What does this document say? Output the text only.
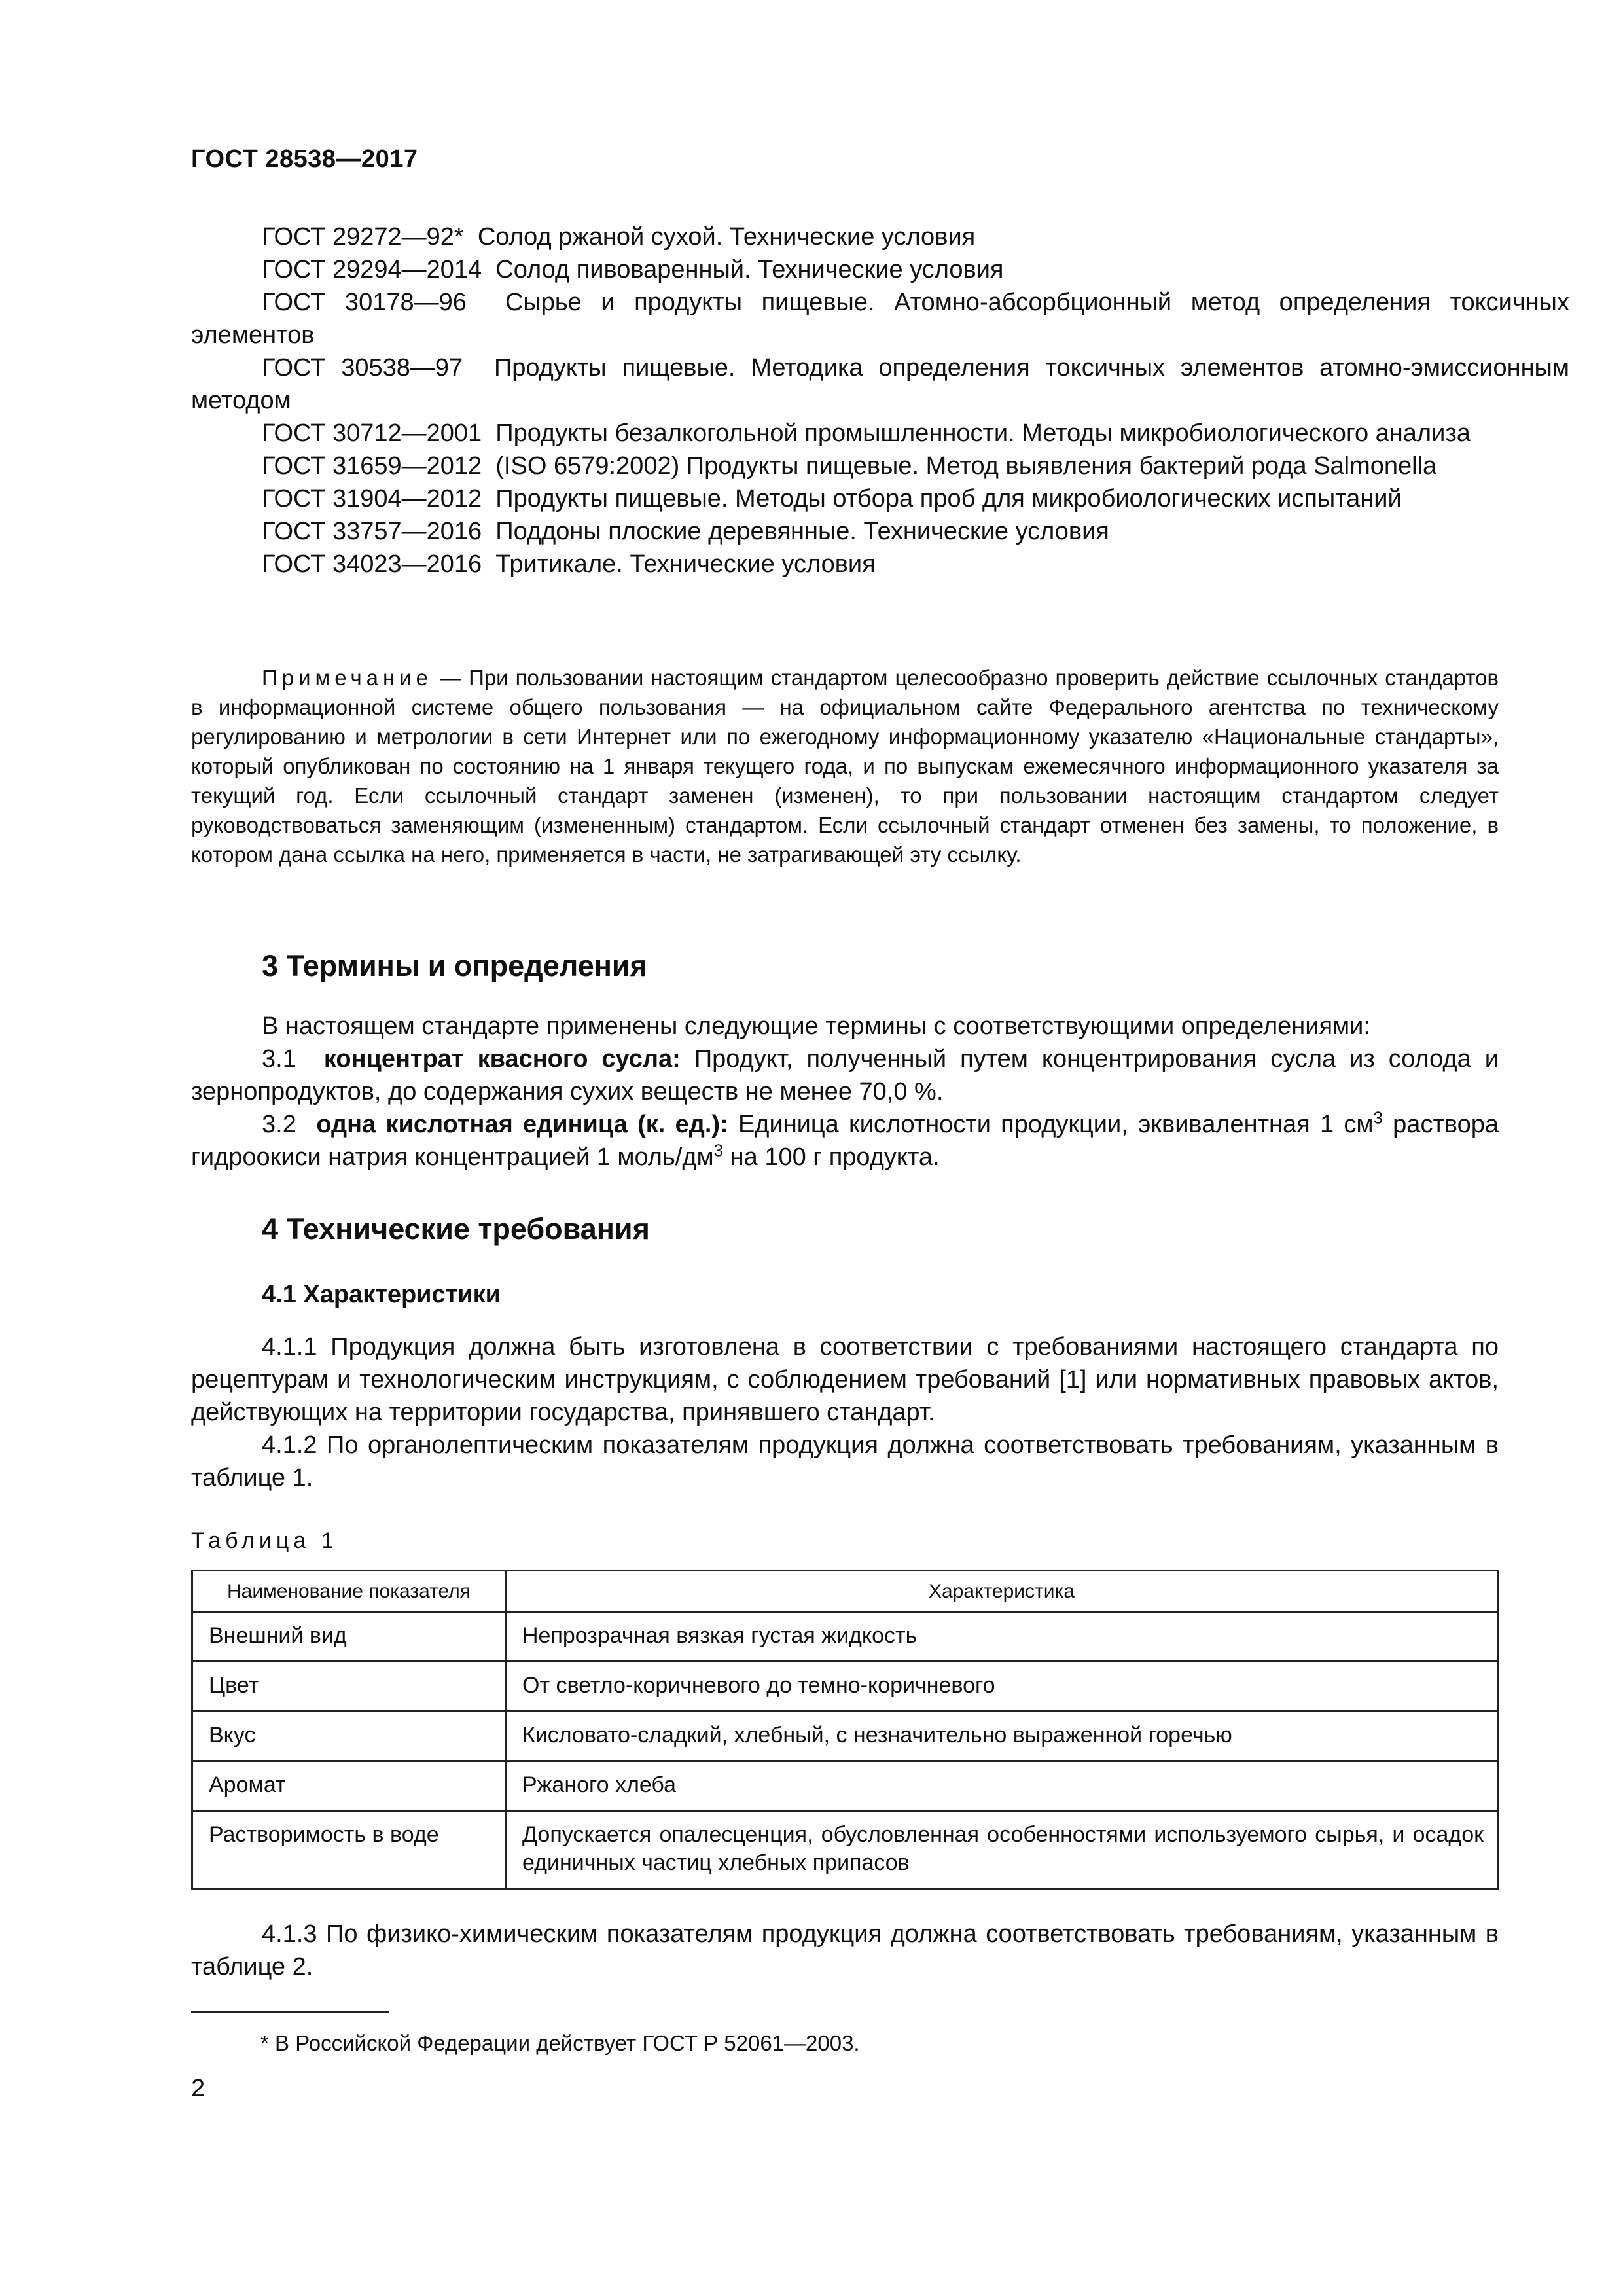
ГОСТ 28538—2017

ГОСТ 29272—92* Солод ржаной сухой. Технические условия

ГОСТ 29294—2014 Солод пивоваренный. Технические условия

ГОСТ 30178—96 Сырье и продукты пищевые. Атомно-абсорбционный метод определения токсичных элементов

ГОСТ 30538—97 Продукты пищевые. Методика определения токсичных элементов атомно-эмиссионным методом

ГОСТ 30712—2001 Продукты безалкогольной промышленности. Методы микробиологического анализа

ГОСТ 31659—2012 (ISO 6579:2002) Продукты пищевые. Метод выявления бактерий рода Salmonella

ГОСТ 31904—2012 Продукты пищевые. Методы отбора проб для микробиологических испытаний

ГОСТ 33757—2016 Поддоны плоские деревянные. Технические условия

ГОСТ 34023—2016 Тритикале. Технические условия

Примечание — При пользовании настоящим стандартом целесообразно проверить действие ссылочных стандартов в информационной системе общего пользования — на официальном сайте Федерального агентства по техническому регулированию и метрологии в сети Интернет или по ежегодному информационному указателю «Национальные стандарты», который опубликован по состоянию на 1 января текущего года, и по выпускам ежемесячного информационного указателя за текущий год. Если ссылочный стандарт заменен (изменен), то при пользовании настоящим стандартом следует руководствоваться заменяющим (измененным) стандартом. Если ссылочный стандарт отменен без замены, то положение, в котором дана ссылка на него, применяется в части, не затрагивающей эту ссылку.
3 Термины и определения

В настоящем стандарте применены следующие термины с соответствующими определениями:

3.1 концентрат квасного сусла: Продукт, полученный путем концентрирования сусла из солода и зернопродуктов, до содержания сухих веществ не менее 70,0 %.

3.2 одна кислотная единица (к. ед.): Единица кислотности продукции, эквивалентная 1 $см^3$ раствора гидроокиси натрия концентрацией 1 моль/$дм^3$ на 100 г продукта.

4 Технические требования
4.1 Характеристики

4.1.1 Продукция должна быть изготовлена в соответствии с требованиями настоящего стандарта по рецептурам и технологическим инструкциям, с соблюдением требований [1] или нормативных правовых актов, действующих на территории государства, принявшего стандарт.

4.1.2 По органолептическим показателям продукция должна соответствовать требованиям, указанным в таблице 1.

Таблица 1
Наименование показателя	Характеристика
Внешний вид	Непрозрачная вязкая густая жидкость
Цвет	От светло-коричневого до темно-коричневого
Вкус	Кисловато-сладкий, хлебный, с незначительно выраженной горечью
Аромат	Ржаного хлеба
Растворимость в воде	Допускается опалесценция, обусловленная особенностями используемого сырья, и осадок единичных частиц хлебных припасов

4.1.3 По физико-химическим показателям продукция должна соответствовать требованиям, указанным в таблице 2.

* В Российской Федерации действует ГОСТ Р 52061—2003.
2
